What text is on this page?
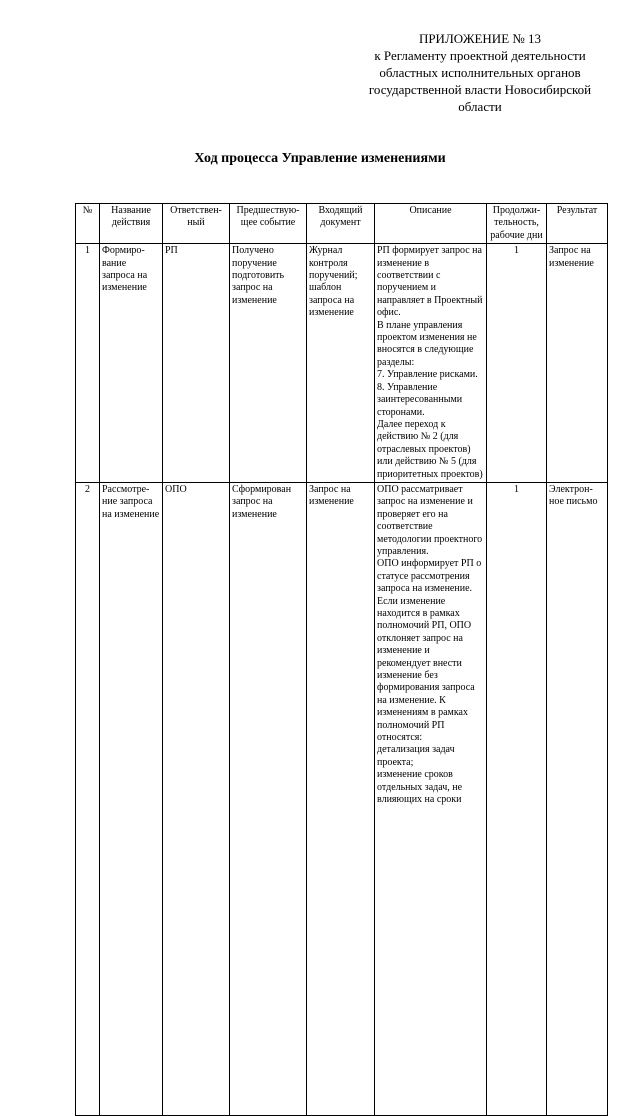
ПРИЛОЖЕНИЕ № 13
к Регламенту проектной деятельности
областных исполнительных органов
государственной власти Новосибирской
области
Ход процесса Управление изменениями
№	Название действия	Ответствен-ный	Предшествую-щее событие	Входящий документ	Описание	Продолжи-тельность, рабочие дни	Результат
1	Формиро-вание запроса на изменение	РП	Получено поручение подготовить запрос на изменение	Журнал контроля поручений; шаблон запроса на изменение	РП формирует запрос на изменение в соответствии с поручением и направляет в Проектный офис.
В плане управления проектом изменения не вносятся в следующие разделы:
7. Управление рисками.
8. Управление заинтересованными сторонами.
Далее переход к действию № 2 (для отраслевых проектов) или действию № 5 (для приоритетных проектов)	1	Запрос на изменение
2	Рассмотре-ние запроса на изменение	ОПО	Сформирован запрос на изменение	Запрос на изменение	ОПО рассматривает запрос на изменение и проверяет его на соответствие методологии проектного управления.
ОПО информирует РП о статусе рассмотрения запроса на изменение.
Если изменение находится в рамках полномочий РП, ОПО отклоняет запрос на изменение и рекомендует внести изменение без формирования запроса на изменение. К изменениям в рамках полномочий РП относятся:
детализация задач проекта;
изменение сроков отдельных задач, не влияющих на сроки	1	Электрон-ное письмо
